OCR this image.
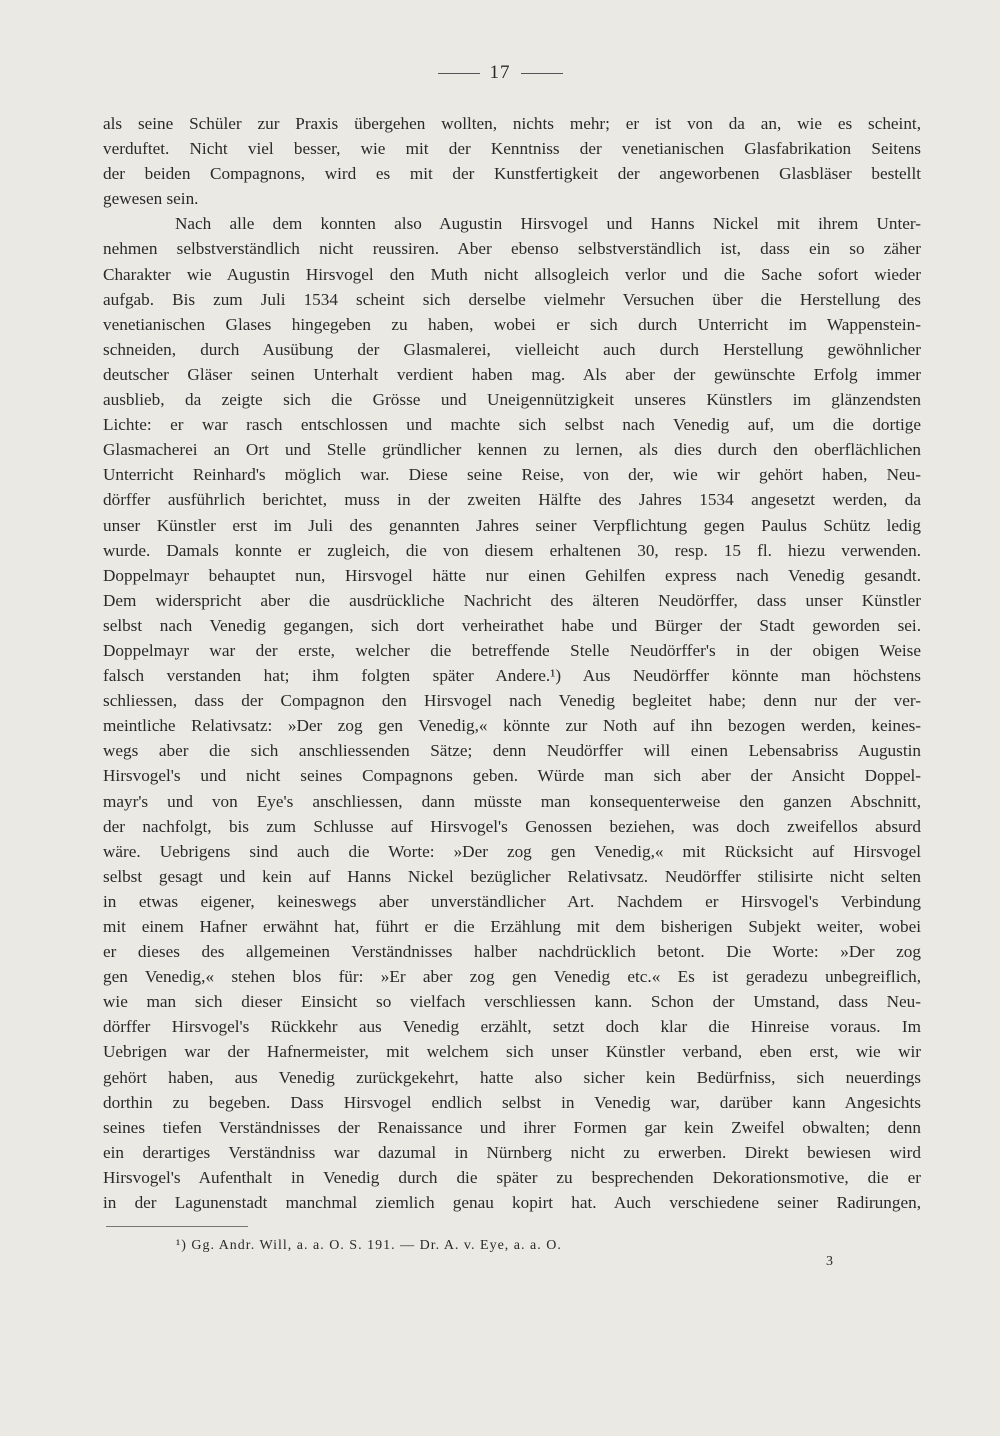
17
als seine Schüler zur Praxis übergehen wollten, nichts mehr; er ist von da an, wie es scheint,
verduftet. Nicht viel besser, wie mit der Kenntniss der venetianischen Glasfabrikation Seitens
der beiden Compagnons, wird es mit der Kunstfertigkeit der angeworbenen Glasbläser bestellt
gewesen sein.
Nach alle dem konnten also Augustin Hirsvogel und Hanns Nickel mit ihrem Unter-
nehmen selbstverständlich nicht reussiren. Aber ebenso selbstverständlich ist, dass ein so zäher
Charakter wie Augustin Hirsvogel den Muth nicht allsogleich verlor und die Sache sofort wieder
aufgab. Bis zum Juli 1534 scheint sich derselbe vielmehr Versuchen über die Herstellung des
venetianischen Glases hingegeben zu haben, wobei er sich durch Unterricht im Wappenstein-
schneiden, durch Ausübung der Glasmalerei, vielleicht auch durch Herstellung gewöhnlicher
deutscher Gläser seinen Unterhalt verdient haben mag. Als aber der gewünschte Erfolg immer
ausblieb, da zeigte sich die Grösse und Uneigennützigkeit unseres Künstlers im glänzendsten
Lichte: er war rasch entschlossen und machte sich selbst nach Venedig auf, um die dortige
Glasmacherei an Ort und Stelle gründlicher kennen zu lernen, als dies durch den oberflächlichen
Unterricht Reinhard's möglich war. Diese seine Reise, von der, wie wir gehört haben, Neu-
dörffer ausführlich berichtet, muss in der zweiten Hälfte des Jahres 1534 angesetzt werden, da
unser Künstler erst im Juli des genannten Jahres seiner Verpflichtung gegen Paulus Schütz ledig
wurde. Damals konnte er zugleich, die von diesem erhaltenen 30, resp. 15 fl. hiezu verwenden.
Doppelmayr behauptet nun, Hirsvogel hätte nur einen Gehilfen express nach Venedig gesandt.
Dem widerspricht aber die ausdrückliche Nachricht des älteren Neudörffer, dass unser Künstler
selbst nach Venedig gegangen, sich dort verheirathet habe und Bürger der Stadt geworden sei.
Doppelmayr war der erste, welcher die betreffende Stelle Neudörffer's in der obigen Weise
falsch verstanden hat; ihm folgten später Andere.¹) Aus Neudörffer könnte man höchstens
schliessen, dass der Compagnon den Hirsvogel nach Venedig begleitet habe; denn nur der ver-
meintliche Relativsatz: »Der zog gen Venedig,« könnte zur Noth auf ihn bezogen werden, keines-
wegs aber die sich anschliessenden Sätze; denn Neudörffer will einen Lebensabriss Augustin
Hirsvogel's und nicht seines Compagnons geben. Würde man sich aber der Ansicht Doppel-
mayr's und von Eye's anschliessen, dann müsste man konsequenterweise den ganzen Abschnitt,
der nachfolgt, bis zum Schlusse auf Hirsvogel's Genossen beziehen, was doch zweifellos absurd
wäre. Uebrigens sind auch die Worte: »Der zog gen Venedig,« mit Rücksicht auf Hirsvogel
selbst gesagt und kein auf Hanns Nickel bezüglicher Relativsatz. Neudörffer stilisirte nicht selten
in etwas eigener, keineswegs aber unverständlicher Art. Nachdem er Hirsvogel's Verbindung
mit einem Hafner erwähnt hat, führt er die Erzählung mit dem bisherigen Subjekt weiter, wobei
er dieses des allgemeinen Verständnisses halber nachdrücklich betont. Die Worte: »Der zog
gen Venedig,« stehen blos für: »Er aber zog gen Venedig etc.« Es ist geradezu unbegreiflich,
wie man sich dieser Einsicht so vielfach verschliessen kann. Schon der Umstand, dass Neu-
dörffer Hirsvogel's Rückkehr aus Venedig erzählt, setzt doch klar die Hinreise voraus. Im
Uebrigen war der Hafnermeister, mit welchem sich unser Künstler verband, eben erst, wie wir
gehört haben, aus Venedig zurückgekehrt, hatte also sicher kein Bedürfniss, sich neuerdings
dorthin zu begeben. Dass Hirsvogel endlich selbst in Venedig war, darüber kann Angesichts
seines tiefen Verständnisses der Renaissance und ihrer Formen gar kein Zweifel obwalten; denn
ein derartiges Verständniss war dazumal in Nürnberg nicht zu erwerben. Direkt bewiesen wird
Hirsvogel's Aufenthalt in Venedig durch die später zu besprechenden Dekorationsmotive, die er
in der Lagunenstadt manchmal ziemlich genau kopirt hat. Auch verschiedene seiner Radirungen,
¹) Gg. Andr. Will, a. a. O. S. 191. — Dr. A. v. Eye, a. a. O.
3
